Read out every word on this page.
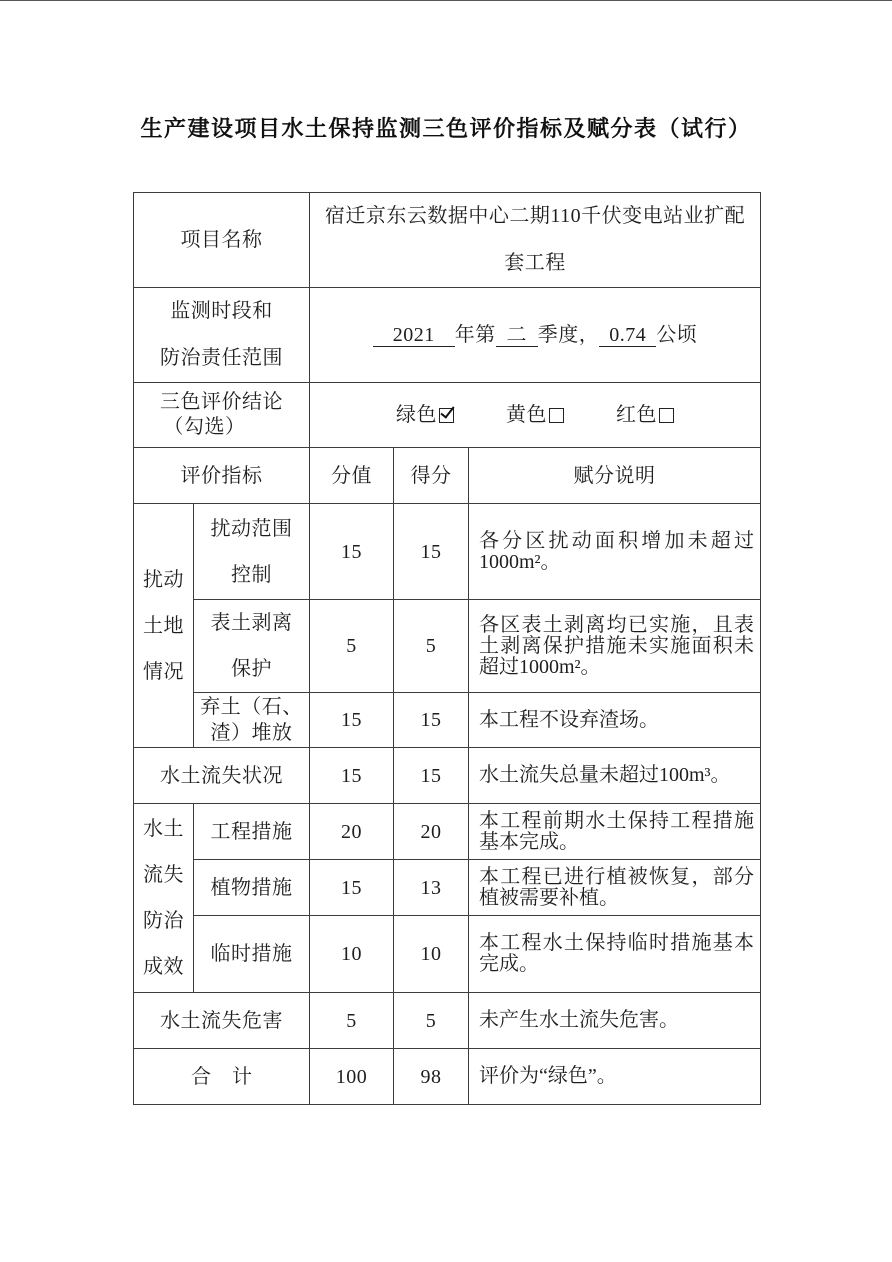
生产建设项目水土保持监测三色评价指标及赋分表（试行）
项目名称		宿迁京东云数据中心二期110千伏变电站业扩配
套工程		

监测时段和
防治责任范围		2021 年第 二 季度， 0.74 公顷		

三色评价结论
（勾选）		绿色 黄色 红色		

评价指标		分值	得分	赋分说明

扰动
土地
情况	扰动范围
控制	15	15	各分区扰动面积增加未超过1000m²。

	表土剥离
保护	5	5	各区表土剥离均已实施，且表土剥离保护措施未实施面积未超过1000m²。

	弃土（石、
渣）堆放	15	15	本工程不设弃渣场。
水土流失状况		15	15	水土流失总量未超过100m³。

水土
流失
防治
成效	工程措施	20	20	本工程前期水土保持工程措施基本完成。
	植物措施	15	13	本工程已进行植被恢复，部分植被需要补植。
	临时措施	10	10	本工程水土保持临时措施基本完成。
水土流失危害		5	5	未产生水土流失危害。
合计		100	98	评价为“绿色”。
